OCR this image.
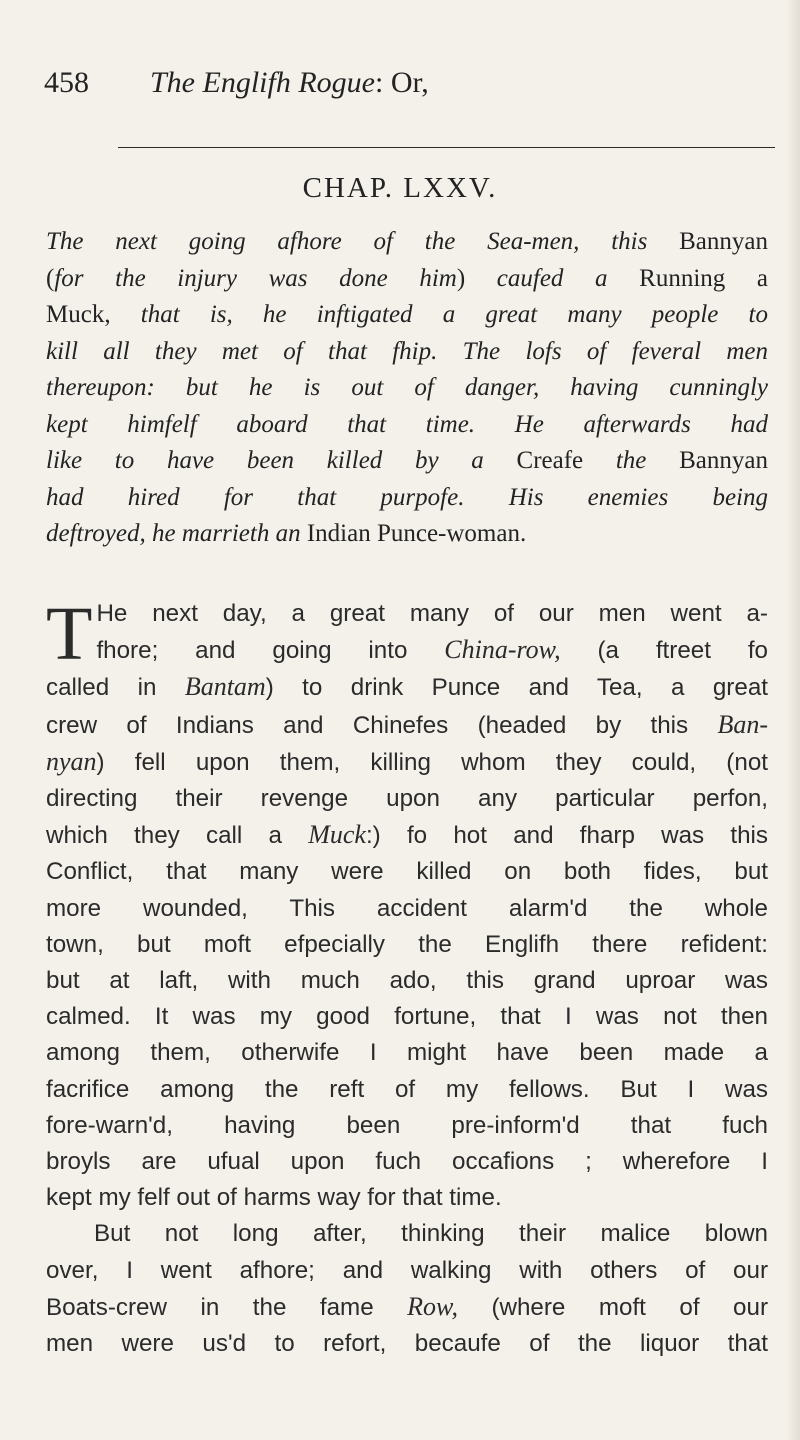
458 The Englifh Rogue: Or,
CHAP. LXXV.
The next going afhore of the Sea-men, this Bannyan
(for the injury was done him) caufed a Running a
Muck, that is, he inftigated a great many people to
kill all they met of that fhip. The lofs of feveral men
thereupon: but he is out of danger, having cunningly
kept himfelf aboard that time. He afterwards had
like to have been killed by a Creafe the Bannyan
had hired for that purpofe. His enemies being
deftroyed, he marrieth an Indian Punce-woman.
T He next day, a great many of our men went a-
fhore; and going into China-row, (a ftreet fo
called in Bantam) to drink Punce and Tea, a great
crew of Indians and Chinefes (headed by this Ban-
nyan) fell upon them, killing whom they could, (not
directing their revenge upon any particular perfon,
which they call a Muck:) fo hot and fharp was this
Conflict, that many were killed on both fides, but
more wounded, This accident alarm'd the whole
town, but moft efpecially the Englifh there refident:
but at laft, with much ado, this grand uproar was
calmed. It was my good fortune, that I was not then
among them, otherwife I might have been made a
facrifice among the reft of my fellows. But I was
fore-warn'd, having been pre-inform'd that fuch
broyls are ufual upon fuch occafions ; wherefore I
kept my felf out of harms way for that time.
But not long after, thinking their malice blown
over, I went afhore; and walking with others of our
Boats-crew in the fame Row, (where moft of our
men were us'd to refort, becaufe of the liquor that
